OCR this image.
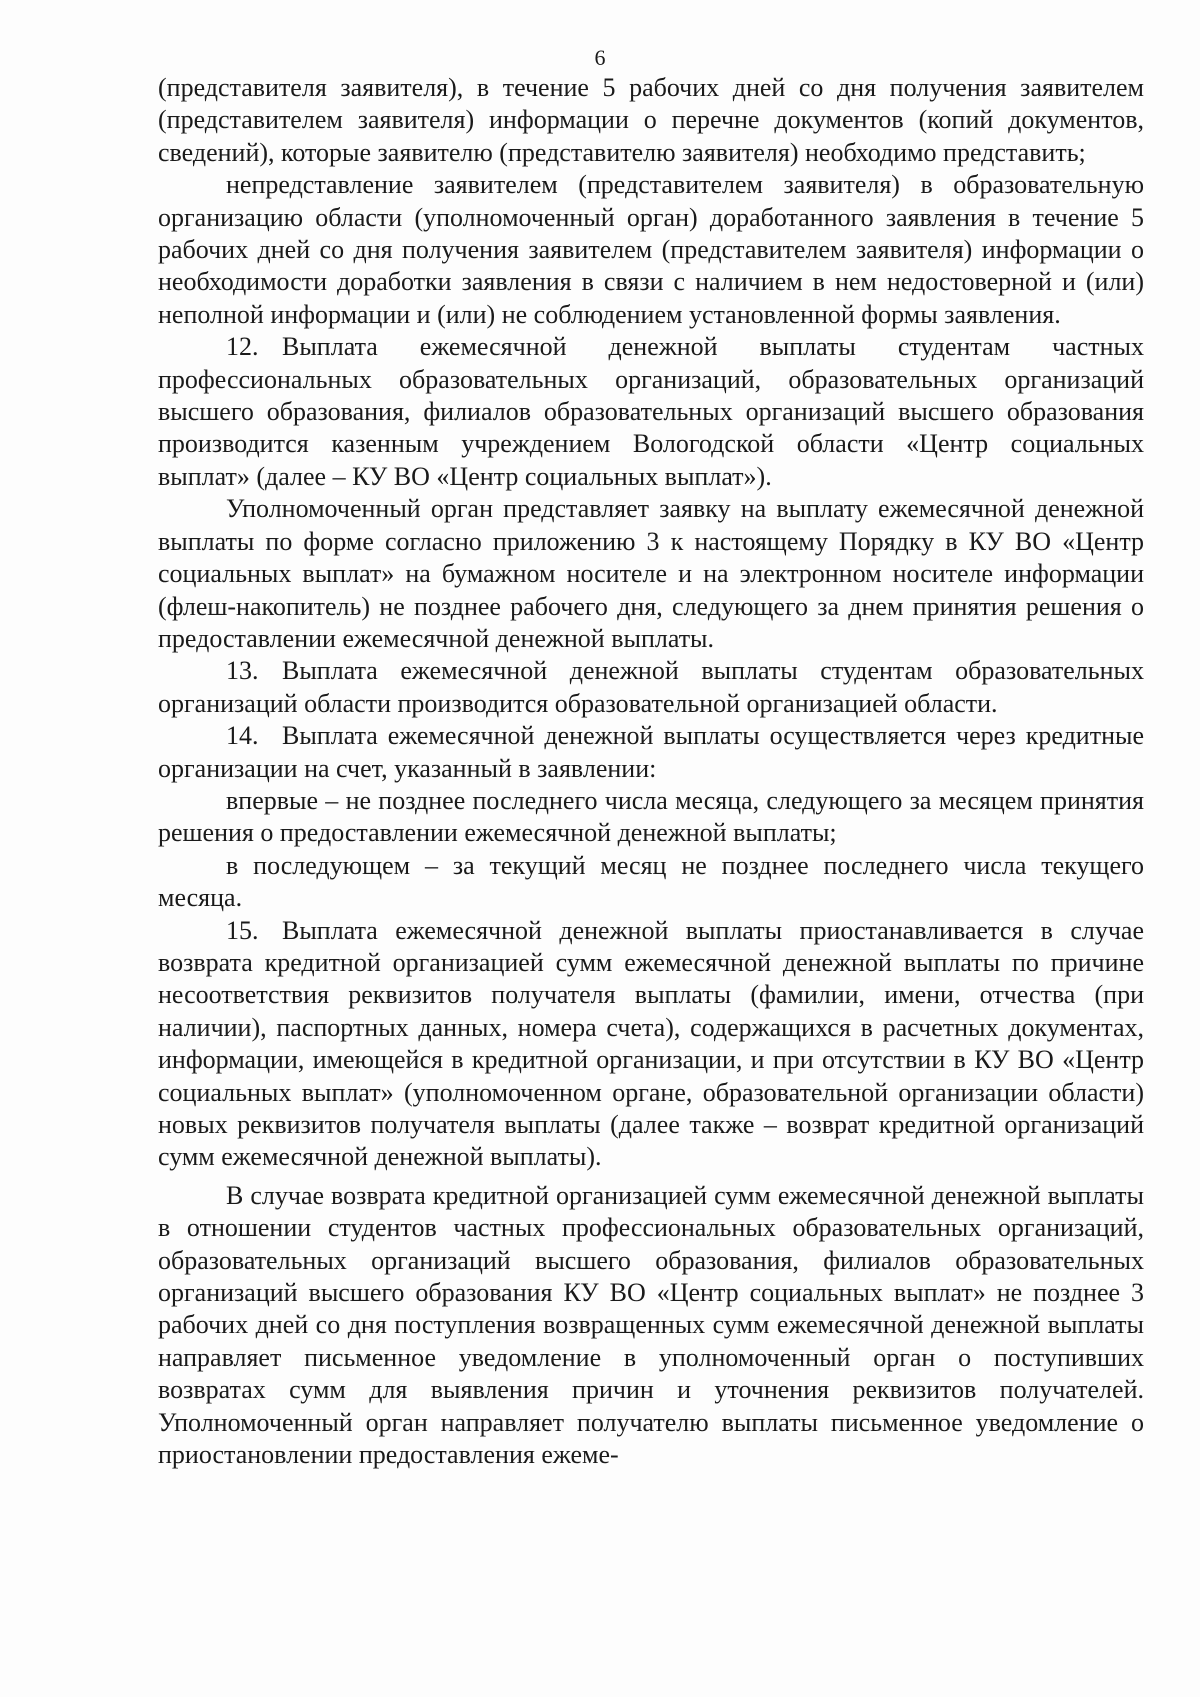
6

(представителя заявителя), в течение 5 рабочих дней со дня получения заявителем (представителем заявителя) информации о перечне документов (копий документов, сведений), которые заявителю (представителю заявителя) необходимо представить;

непредставление заявителем (представителем заявителя) в образовательную организацию области (уполномоченный орган) доработанного заявления в течение 5 рабочих дней со дня получения заявителем (представителем заявителя) информации о необходимости доработки заявления в связи с наличием в нем недостоверной и (или) неполной информации и (или) не соблюдением установленной формы заявления.

12. Выплата ежемесячной денежной выплаты студентам частных профессиональных образовательных организаций, образовательных организаций высшего образования, филиалов образовательных организаций высшего образования производится казенным учреждением Вологодской области «Центр социальных выплат» (далее – КУ ВО «Центр социальных выплат»).

Уполномоченный орган представляет заявку на выплату ежемесячной денежной выплаты по форме согласно приложению 3 к настоящему Порядку в КУ ВО «Центр социальных выплат» на бумажном носителе и на электронном носителе информации (флеш-накопитель) не позднее рабочего дня, следующего за днем принятия решения о предоставлении ежемесячной денежной выплаты.

13. Выплата ежемесячной денежной выплаты студентам образовательных организаций области производится образовательной организацией области.

14. Выплата ежемесячной денежной выплаты осуществляется через кредитные организации на счет, указанный в заявлении:

впервые – не позднее последнего числа месяца, следующего за месяцем принятия решения о предоставлении ежемесячной денежной выплаты;

в последующем – за текущий месяц не позднее последнего числа текущего месяца.

15. Выплата ежемесячной денежной выплаты приостанавливается в случае возврата кредитной организацией сумм ежемесячной денежной выплаты по причине несоответствия реквизитов получателя выплаты (фамилии, имени, отчества (при наличии), паспортных данных, номера счета), содержащихся в расчетных документах, информации, имеющейся в кредитной организации, и при отсутствии в КУ ВО «Центр социальных выплат» (уполномоченном органе, образовательной организации области) новых реквизитов получателя выплаты (далее также – возврат кредитной организаций сумм ежемесячной денежной выплаты).

В случае возврата кредитной организацией сумм ежемесячной денежной выплаты в отношении студентов частных профессиональных образовательных организаций, образовательных организаций высшего образования, филиалов образовательных организаций высшего образования КУ ВО «Центр социальных выплат» не позднее 3 рабочих дней со дня поступления возвращенных сумм ежемесячной денежной выплаты направляет письменное уведомление в уполномоченный орган о поступивших возвратах сумм для выявления причин и уточнения реквизитов получателей. Уполномоченный орган направляет получателю выплаты письменное уведомление о приостановлении предоставления ежеме-
